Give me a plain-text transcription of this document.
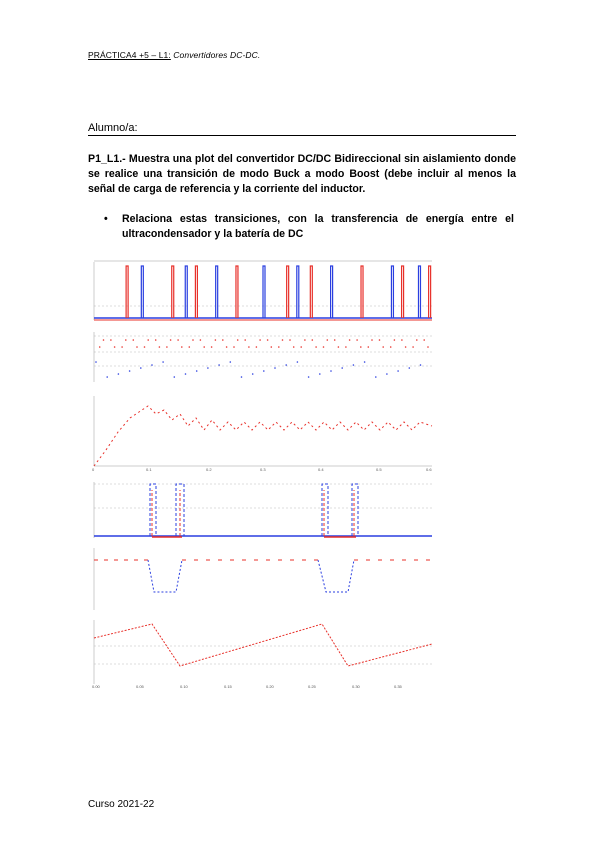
PRÁCTICA4 +5 – L1: Convertidores DC-DC.
Alumno/a:
P1_L1.- Muestra una plot del convertidor DC/DC Bidireccional sin aislamiento donde se realice una transición de modo Buck a modo Boost (debe incluir al menos la señal de carga de referencia y la corriente del inductor.
•	Relaciona estas transiciones, con la transferencia de energía entre el ultracondensador y la batería de DC
0	0.1	0.2	0.3	0.4	0.5	0.6
0.00	0.05	0.10	0.15	0.20	0.25	0.30	0.35
Curso 2021-22
